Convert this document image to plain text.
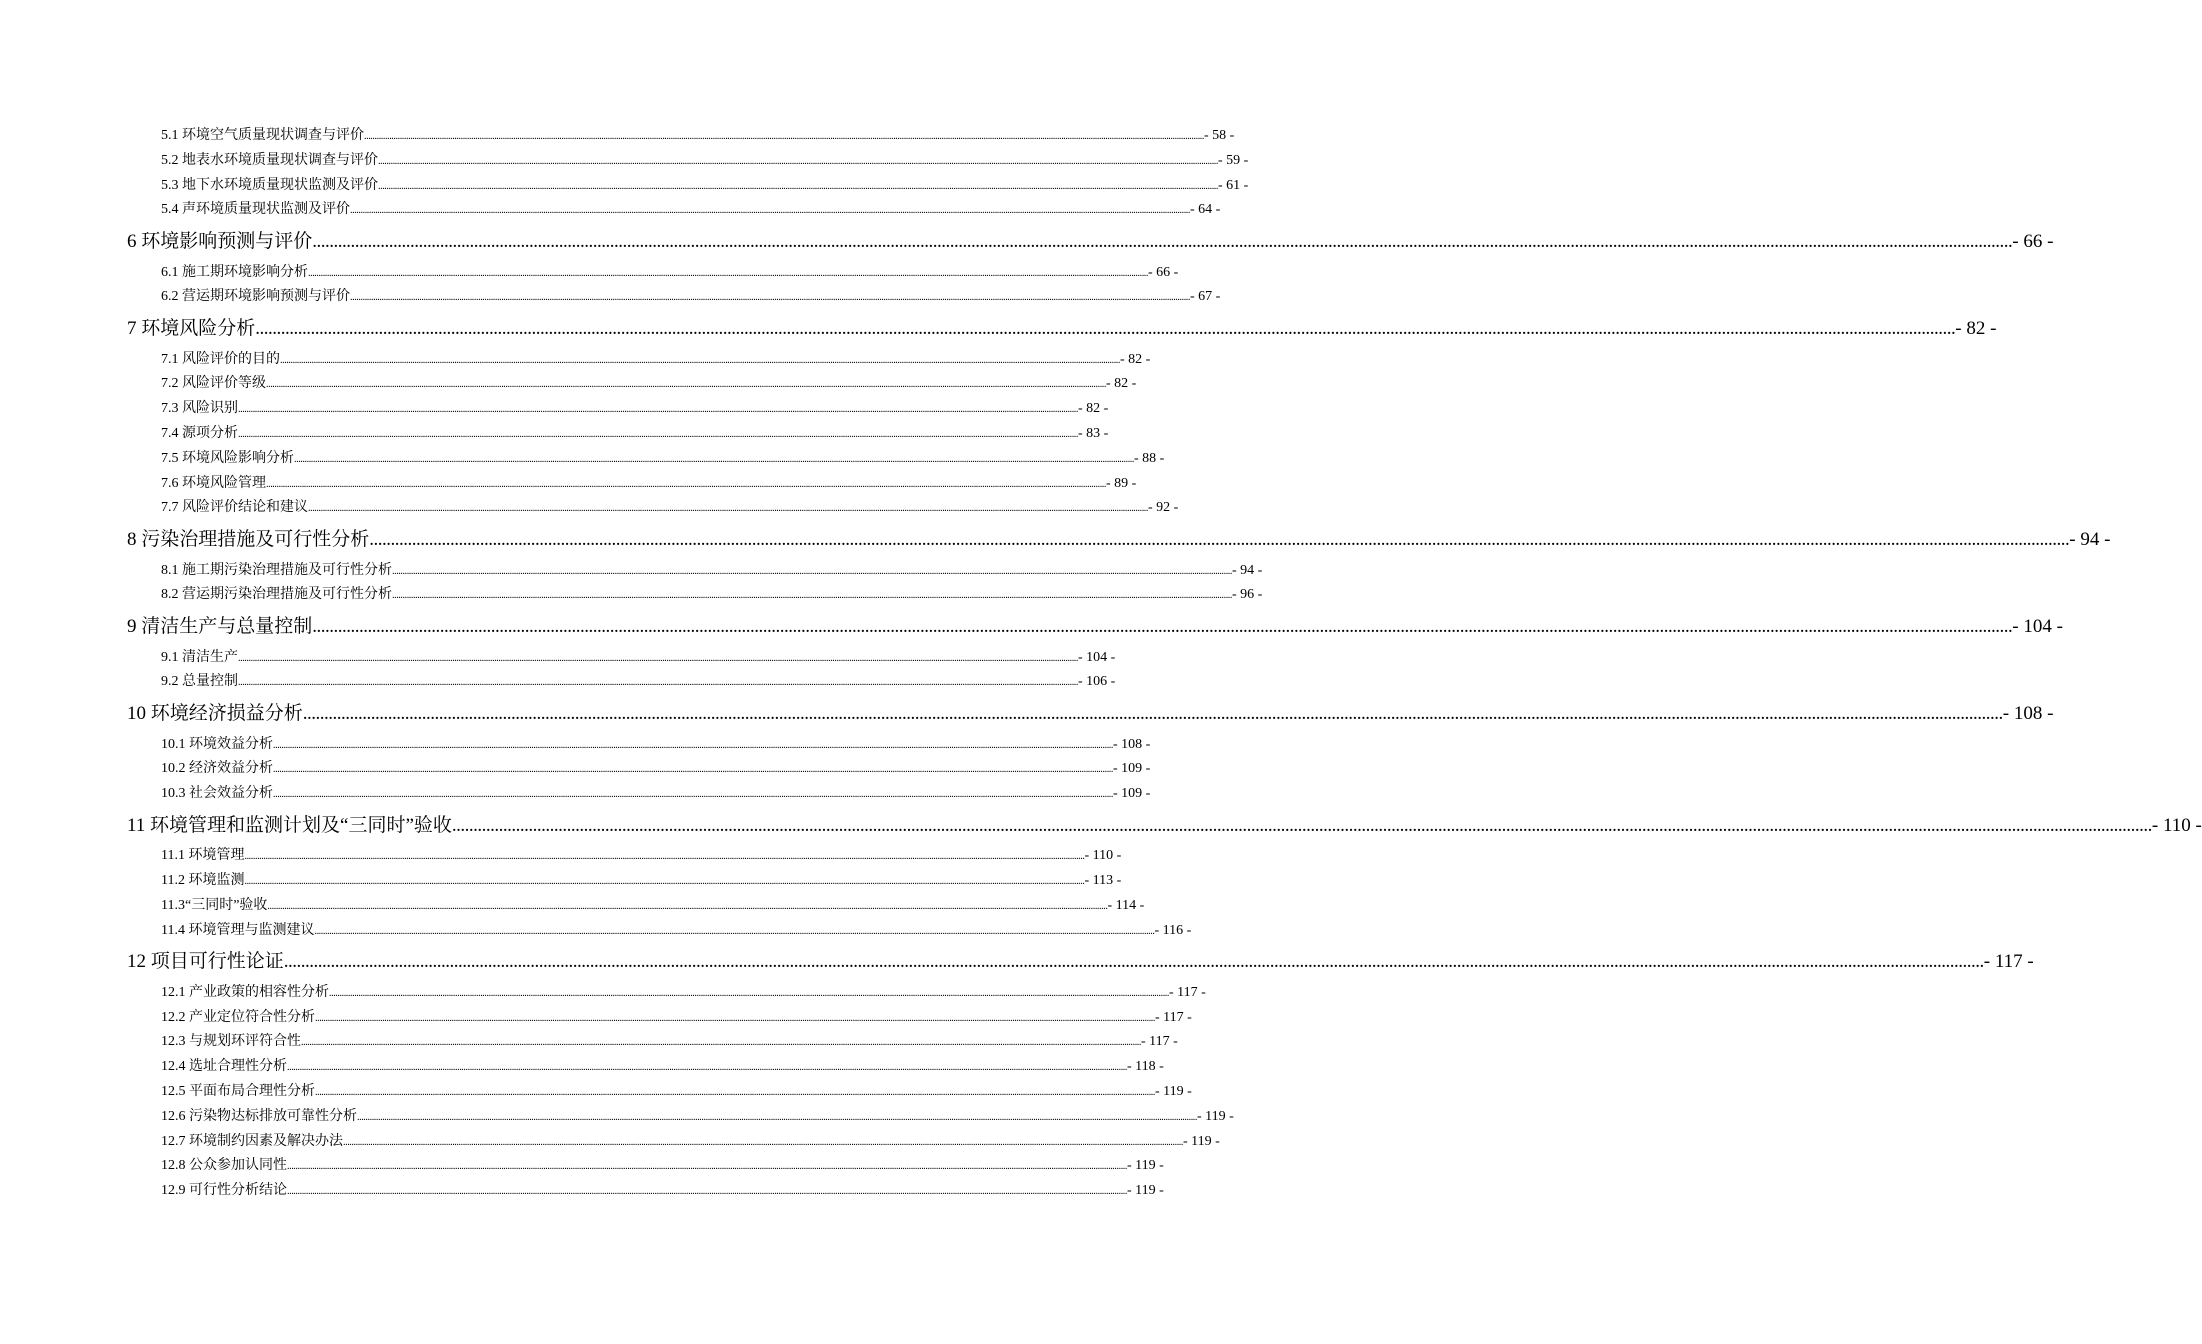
5.1 环境空气质量现状调查与评价 ................................................................................................................................................................................................................................................................................................................................................................................................................ - 58 -
5.2 地表水环境质量现状调查与评价 ................................................................................................................................................................................................................................................................................................................................................................................................................ - 59 -
5.3 地下水环境质量现状监测及评价 ................................................................................................................................................................................................................................................................................................................................................................................................................ - 61 -
5.4 声环境质量现状监测及评价 ................................................................................................................................................................................................................................................................................................................................................................................................................ - 64 -
6 环境影响预测与评价 ................................................................................................................................................................................................................................................................................................................................................................................................................ - 66 -
6.1 施工期环境影响分析 ................................................................................................................................................................................................................................................................................................................................................................................................................ - 66 -
6.2 营运期环境影响预测与评价 ................................................................................................................................................................................................................................................................................................................................................................................................................ - 67 -
7 环境风险分析 ................................................................................................................................................................................................................................................................................................................................................................................................................ - 82 -
7.1 风险评价的目的 ................................................................................................................................................................................................................................................................................................................................................................................................................ - 82 -
7.2 风险评价等级 ................................................................................................................................................................................................................................................................................................................................................................................................................ - 82 -
7.3 风险识别 ................................................................................................................................................................................................................................................................................................................................................................................................................ - 82 -
7.4 源项分析 ................................................................................................................................................................................................................................................................................................................................................................................................................ - 83 -
7.5 环境风险影响分析 ................................................................................................................................................................................................................................................................................................................................................................................................................ - 88 -
7.6 环境风险管理 ................................................................................................................................................................................................................................................................................................................................................................................................................ - 89 -
7.7 风险评价结论和建议 ................................................................................................................................................................................................................................................................................................................................................................................................................ - 92 -
8 污染治理措施及可行性分析 ................................................................................................................................................................................................................................................................................................................................................................................................................ - 94 -
8.1 施工期污染治理措施及可行性分析 ................................................................................................................................................................................................................................................................................................................................................................................................................ - 94 -
8.2 营运期污染治理措施及可行性分析 ................................................................................................................................................................................................................................................................................................................................................................................................................ - 96 -
9 清洁生产与总量控制 ................................................................................................................................................................................................................................................................................................................................................................................................................ - 104 -
9.1 清洁生产 ................................................................................................................................................................................................................................................................................................................................................................................................................ - 104 -
9.2 总量控制 ................................................................................................................................................................................................................................................................................................................................................................................................................ - 106 -
10 环境经济损益分析 ................................................................................................................................................................................................................................................................................................................................................................................................................ - 108 -
10.1 环境效益分析 ................................................................................................................................................................................................................................................................................................................................................................................................................ - 108 -
10.2 经济效益分析 ................................................................................................................................................................................................................................................................................................................................................................................................................ - 109 -
10.3 社会效益分析 ................................................................................................................................................................................................................................................................................................................................................................................................................ - 109 -
11 环境管理和监测计划及“三同时”验收 ................................................................................................................................................................................................................................................................................................................................................................................................................ - 110 -
11.1 环境管理 ................................................................................................................................................................................................................................................................................................................................................................................................................ - 110 -
11.2 环境监测 ................................................................................................................................................................................................................................................................................................................................................................................................................ - 113 -
11.3“三同时”验收 ................................................................................................................................................................................................................................................................................................................................................................................................................ - 114 -
11.4 环境管理与监测建议 ................................................................................................................................................................................................................................................................................................................................................................................................................ - 116 -
12 项目可行性论证 ................................................................................................................................................................................................................................................................................................................................................................................................................ - 117 -
12.1 产业政策的相容性分析 ................................................................................................................................................................................................................................................................................................................................................................................................................ - 117 -
12.2 产业定位符合性分析 ................................................................................................................................................................................................................................................................................................................................................................................................................ - 117 -
12.3 与规划环评符合性 ................................................................................................................................................................................................................................................................................................................................................................................................................ - 117 -
12.4 选址合理性分析 ................................................................................................................................................................................................................................................................................................................................................................................................................ - 118 -
12.5 平面布局合理性分析 ................................................................................................................................................................................................................................................................................................................................................................................................................ - 119 -
12.6 污染物达标排放可靠性分析 ................................................................................................................................................................................................................................................................................................................................................................................................................ - 119 -
12.7 环境制约因素及解决办法 ................................................................................................................................................................................................................................................................................................................................................................................................................ - 119 -
12.8 公众参加认同性 ................................................................................................................................................................................................................................................................................................................................................................................................................ - 119 -
12.9 可行性分析结论 ................................................................................................................................................................................................................................................................................................................................................................................................................ - 119 -
